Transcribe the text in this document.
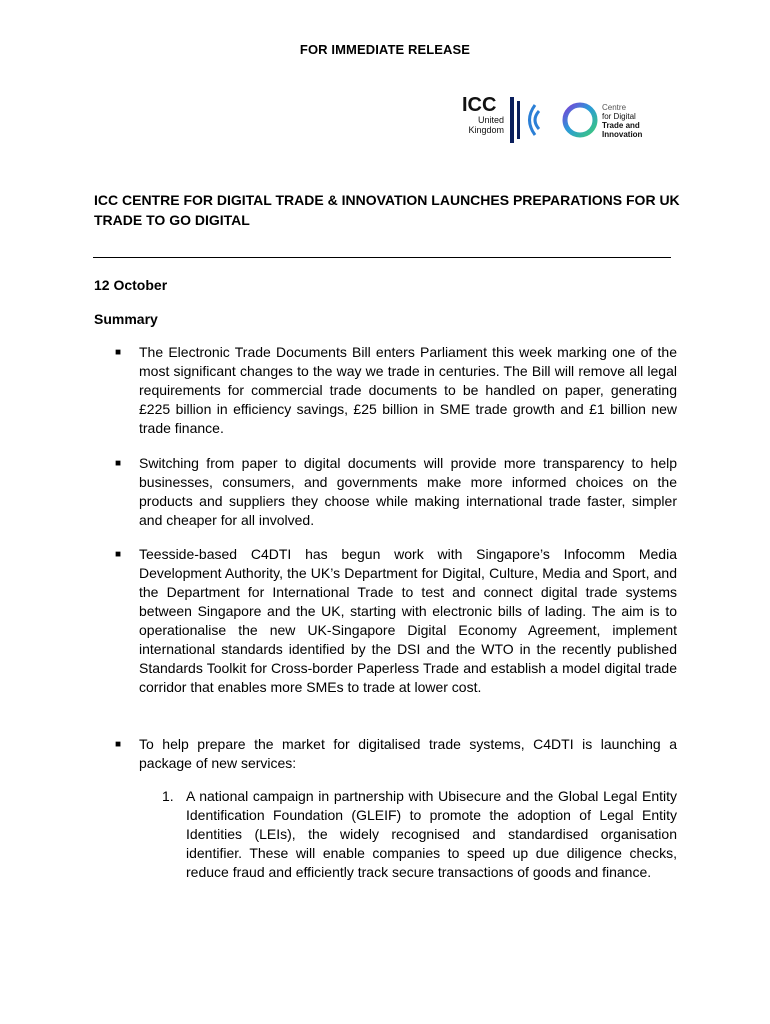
FOR IMMEDIATE RELEASE
ICC
United
Kingdom
Centre
for Digital
Trade and
Innovation
ICC CENTRE FOR DIGITAL TRADE & INNOVATION LAUNCHES PREPARATIONS FOR UK TRADE TO GO DIGITAL
12 October
Summary
■ The Electronic Trade Documents Bill enters Parliament this week marking one of the most significant changes to the way we trade in centuries. The Bill will remove all legal requirements for commercial trade documents to be handled on paper, generating £225 billion in efficiency savings, £25 billion in SME trade growth and £1 billion new trade finance.
■ Switching from paper to digital documents will provide more transparency to help businesses, consumers, and governments make more informed choices on the products and suppliers they choose while making international trade faster, simpler and cheaper for all involved.
■ Teesside-based C4DTI has begun work with Singapore’s Infocomm Media Development Authority, the UK’s Department for Digital, Culture, Media and Sport, and the Department for International Trade to test and connect digital trade systems between Singapore and the UK, starting with electronic bills of lading. The aim is to operationalise the new UK-Singapore Digital Economy Agreement, implement international standards identified by the DSI and the WTO in the recently published Standards Toolkit for Cross-border Paperless Trade and establish a model digital trade corridor that enables more SMEs to trade at lower cost.
■ To help prepare the market for digitalised trade systems, C4DTI is launching a package of new services:
1. A national campaign in partnership with Ubisecure and the Global Legal Entity Identification Foundation (GLEIF) to promote the adoption of Legal Entity Identities (LEIs), the widely recognised and standardised organisation identifier. These will enable companies to speed up due diligence checks, reduce fraud and efficiently track secure transactions of goods and finance.
